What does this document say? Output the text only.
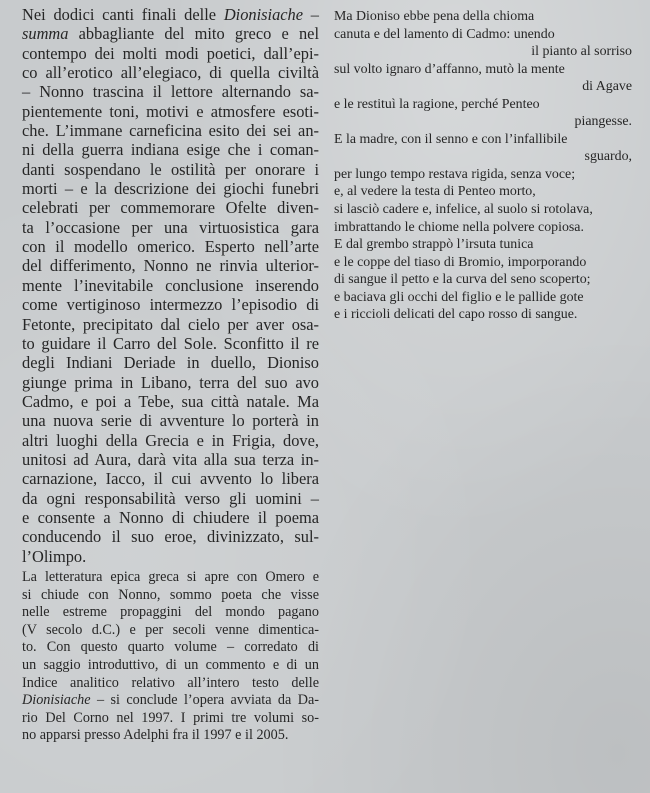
Nei dodici canti finali delle Dionisiache –
summa abbagliante del mito greco e nel
contempo dei molti modi poetici, dall’epi-
co all’erotico all’elegiaco, di quella civiltà
– Nonno trascina il lettore alternando sa-
pientemente toni, motivi e atmosfere esoti-
che. L’immane carneficina esito dei sei an-
ni della guerra indiana esige che i coman-
danti sospendano le ostilità per onorare i
morti – e la descrizione dei giochi funebri
celebrati per commemorare Ofelte diven-
ta l’occasione per una virtuosistica gara
con il modello omerico. Esperto nell’arte
del differimento, Nonno ne rinvia ulterior-
mente l’inevitabile conclusione inserendo
come vertiginoso intermezzo l’episodio di
Fetonte, precipitato dal cielo per aver osa-
to guidare il Carro del Sole. Sconfitto il re
degli Indiani Deriade in duello, Dioniso
giunge prima in Libano, terra del suo avo
Cadmo, e poi a Tebe, sua città natale. Ma
una nuova serie di avventure lo porterà in
altri luoghi della Grecia e in Frigia, dove,
unitosi ad Aura, darà vita alla sua terza in-
carnazione, Iacco, il cui avvento lo libera
da ogni responsabilità verso gli uomini –
e consente a Nonno di chiudere il poema
conducendo il suo eroe, divinizzato, sul-
l’Olimpo.

La letteratura epica greca si apre con Omero e
si chiude con Nonno, sommo poeta che visse
nelle estreme propaggini del mondo pagano
(V secolo d.C.) e per secoli venne dimentica-
to. Con questo quarto volume – corredato di
un saggio introduttivo, di un commento e di un
Indice analitico relativo all’intero testo delle
Dionisiache – si conclude l’opera avviata da Da-
rio Del Corno nel 1997. I primi tre volumi so-
no apparsi presso Adelphi fra il 1997 e il 2005.

Ma Dioniso ebbe pena della chioma
canuta e del lamento di Cadmo: unendo
il pianto al sorriso
sul volto ignaro d’affanno, mutò la mente
di Agave
e le restituì la ragione, perché Penteo
piangesse.
E la madre, con il senno e con l’infallibile
sguardo,
per lungo tempo restava rigida, senza voce;
e, al vedere la testa di Penteo morto,
si lasciò cadere e, infelice, al suolo si rotolava,
imbrattando le chiome nella polvere copiosa.
E dal grembo strappò l’irsuta tunica
e le coppe del tiaso di Bromio, imporporando
di sangue il petto e la curva del seno scoperto;
e baciava gli occhi del figlio e le pallide gote
e i riccioli delicati del capo rosso di sangue.
